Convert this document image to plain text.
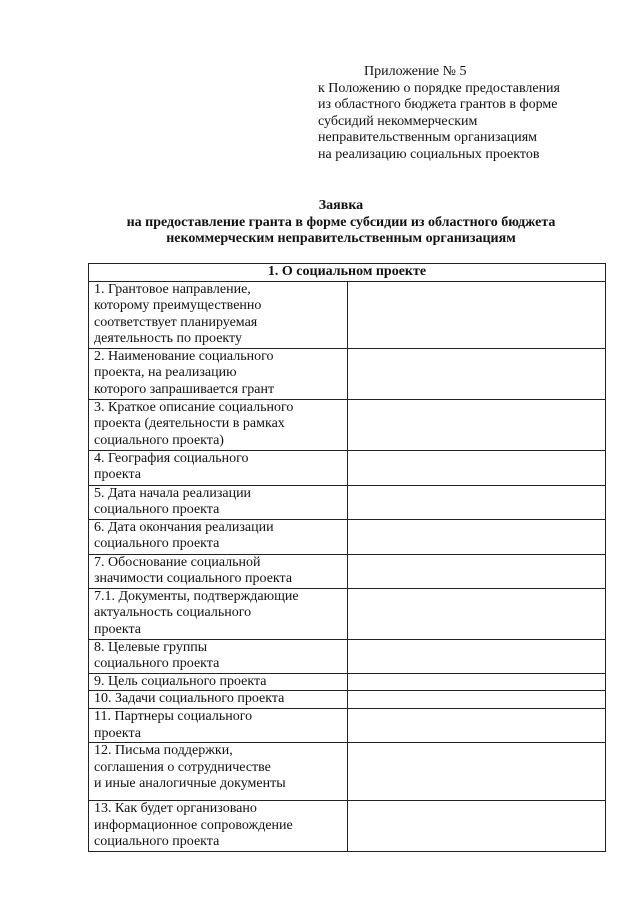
Приложение № 5
к Положению о порядке предоставления
из областного бюджета грантов в форме
субсидий некоммерческим
неправительственным организациям
на реализацию социальных проектов
Заявка
на предоставление гранта в форме субсидии из областного бюджета
некоммерческим неправительственным организациям
1. О социальном проекте	
1. Грантовое направление,
которому преимущественно
соответствует планируемая
деятельность по проекту	
2. Наименование социального
проекта, на реализацию
которого запрашивается грант	
3. Краткое описание социального
проекта (деятельности в рамках
социального проекта)	
4. География социального
проекта	
5. Дата начала реализации
социального проекта	
6. Дата окончания реализации
социального проекта	
7. Обоснование социальной
значимости социального проекта	
7.1. Документы, подтверждающие
актуальность социального
проекта	
8. Целевые группы
социального проекта	
9. Цель социального проекта	
10. Задачи социального проекта	
11. Партнеры социального
проекта	
12. Письма поддержки,
соглашения о сотрудничестве
и иные аналогичные документы	
13. Как будет организовано
информационное сопровождение
социального проекта	
